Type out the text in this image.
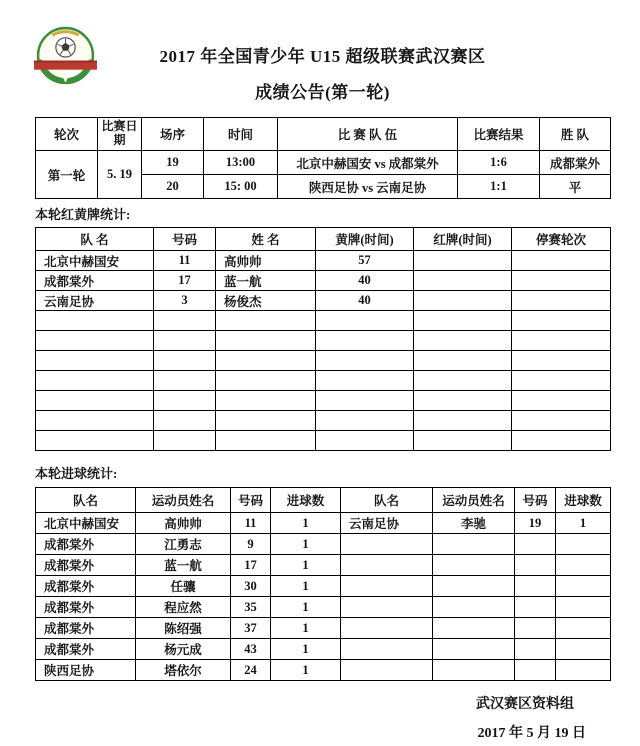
2017 年全国青少年 U15 超级联赛武汉赛区
成绩公告(第一轮)
轮次	比赛日期	场序	时间	比 赛 队 伍	比赛结果	胜 队
第一轮	5. 19	19	13:00	北京中赫国安 vs 成都棠外	1:6	成都棠外
		20	15: 00	陕西足协 vs 云南足协	1:1	平
本轮红黄牌统计:
队 名	号码	姓 名	黄牌(时间)	红牌(时间)	停赛轮次
北京中赫国安	11	高帅帅	57		
成都棠外	17	蓝一航	40		
云南足协	3	杨俊杰	40		

本轮进球统计:
队名	运动员姓名	号码	进球数	队名	运动员姓名	号码	进球数
北京中赫国安	高帅帅	11	1	云南足协	李驰	19	1
成都棠外	江勇志	9	1				
成都棠外	蓝一航	17	1				
成都棠外	任骧	30	1				
成都棠外	程应然	35	1				
成都棠外	陈绍强	37	1				
成都棠外	杨元成	43	1				
陕西足协	塔依尔	24	1				
武汉赛区资料组
2017 年 5 月 19 日
